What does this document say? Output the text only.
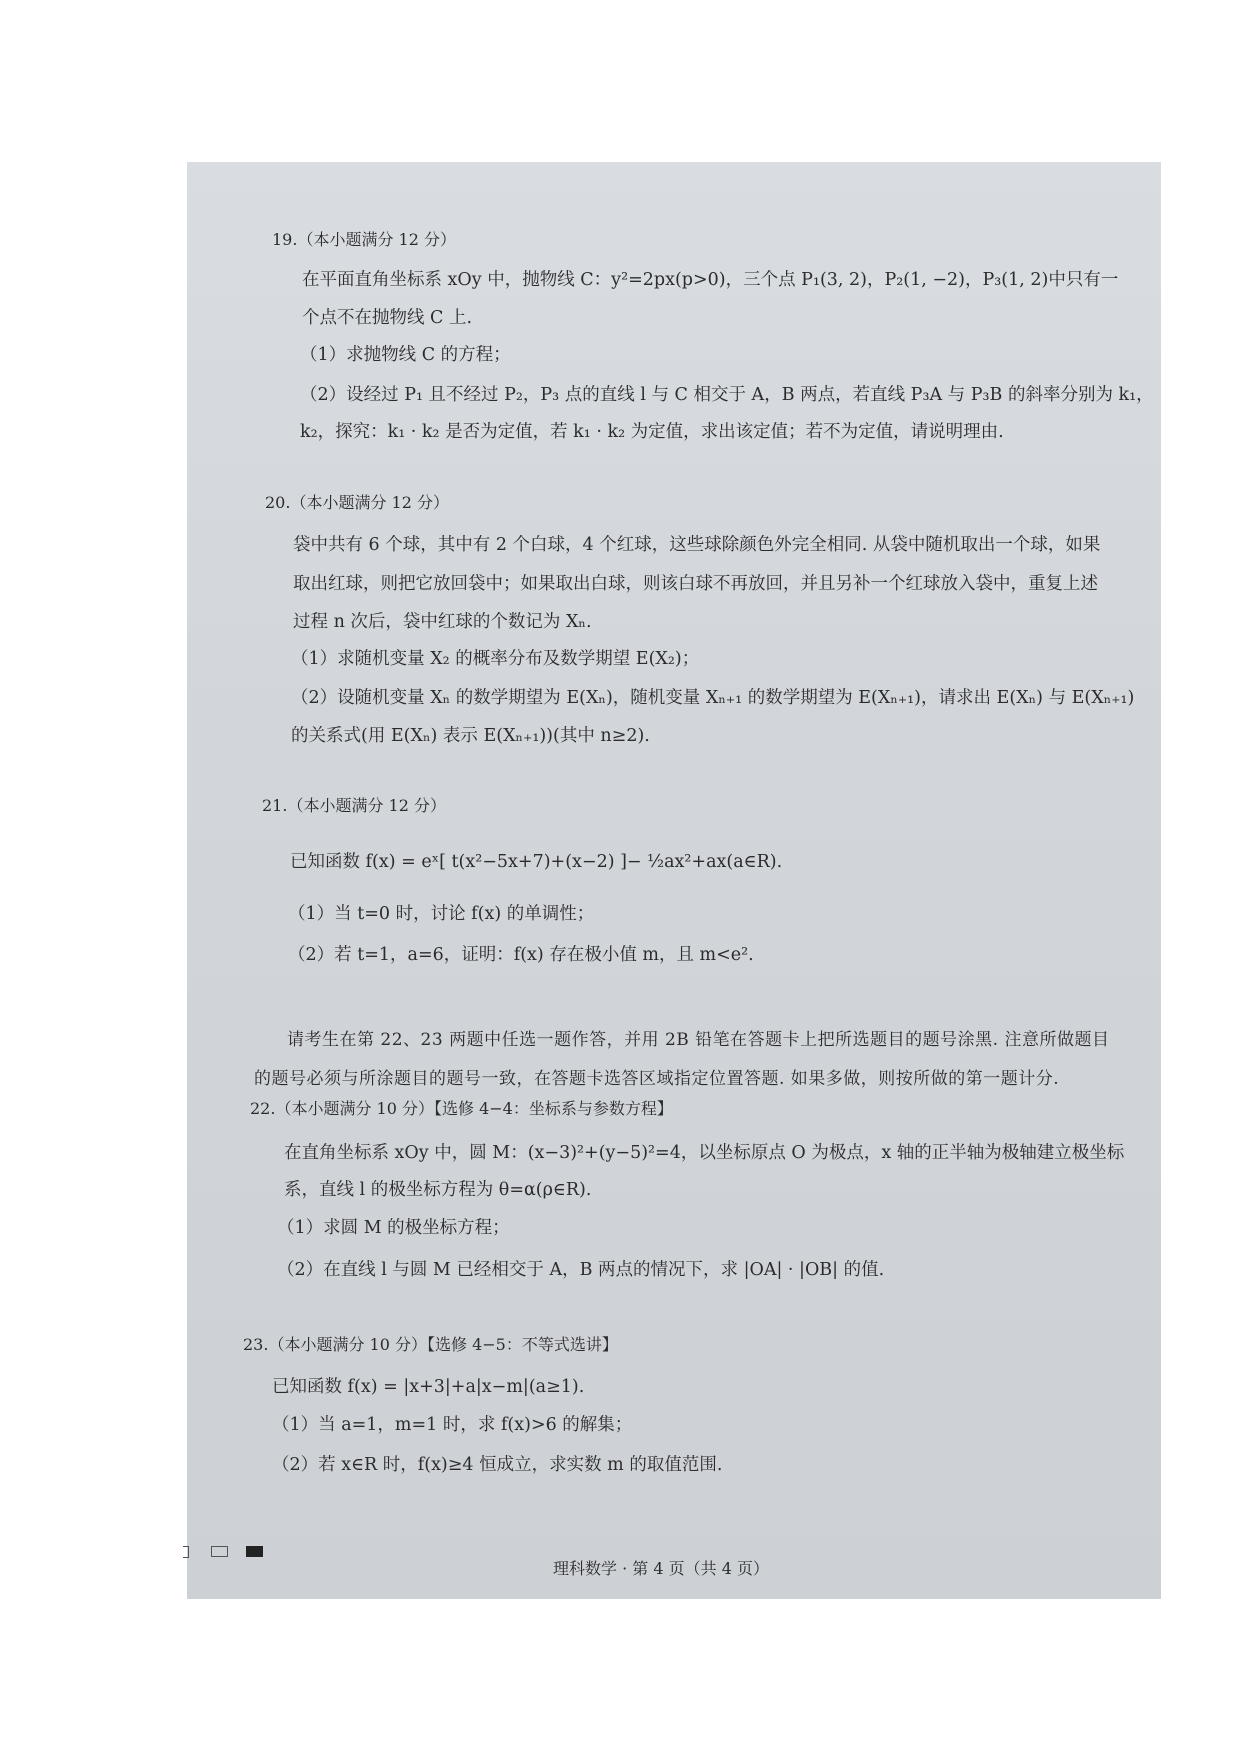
19.（本小题满分 12 分）
在平面直角坐标系 xOy 中，抛物线 C：y²=2px(p>0)，三个点 P₁(3, 2)，P₂(1, −2)，P₃(1, 2)中只有一
个点不在抛物线 C 上.
（1）求抛物线 C 的方程；
（2）设经过 P₁ 且不经过 P₂，P₃ 点的直线 l 与 C 相交于 A，B 两点，若直线 P₃A 与 P₃B 的斜率分别为 k₁，
k₂，探究：k₁ · k₂ 是否为定值，若 k₁ · k₂ 为定值，求出该定值；若不为定值，请说明理由.
20.（本小题满分 12 分）
袋中共有 6 个球，其中有 2 个白球，4 个红球，这些球除颜色外完全相同. 从袋中随机取出一个球，如果
取出红球，则把它放回袋中；如果取出白球，则该白球不再放回，并且另补一个红球放入袋中，重复上述
过程 n 次后，袋中红球的个数记为 Xₙ.
（1）求随机变量 X₂ 的概率分布及数学期望 E(X₂)；
（2）设随机变量 Xₙ 的数学期望为 E(Xₙ)，随机变量 Xₙ₊₁ 的数学期望为 E(Xₙ₊₁)，请求出 E(Xₙ) 与 E(Xₙ₊₁)
的关系式(用 E(Xₙ) 表示 E(Xₙ₊₁))(其中 n≥2).
21.（本小题满分 12 分）
已知函数 f(x) = eˣ[ t(x²−5x+7)+(x−2) ]− ½ax²+ax(a∈R).
（1）当 t=0 时，讨论 f(x) 的单调性；
（2）若 t=1，a=6，证明：f(x) 存在极小值 m，且 m<e².
请考生在第 22、23 两题中任选一题作答，并用 2B 铅笔在答题卡上把所选题目的题号涂黑. 注意所做题目
的题号必须与所涂题目的题号一致，在答题卡选答区域指定位置答题. 如果多做，则按所做的第一题计分.
22.（本小题满分 10 分）【选修 4−4：坐标系与参数方程】
在直角坐标系 xOy 中，圆 M：(x−3)²+(y−5)²=4，以坐标原点 O 为极点，x 轴的正半轴为极轴建立极坐标
系，直线 l 的极坐标方程为 θ=α(ρ∈R).
（1）求圆 M 的极坐标方程；
（2）在直线 l 与圆 M 已经相交于 A，B 两点的情况下，求 |OA| · |OB| 的值.
23.（本小题满分 10 分）【选修 4−5：不等式选讲】
已知函数 f(x) = |x+3|+a|x−m|(a≥1).
（1）当 a=1，m=1 时，求 f(x)>6 的解集；
（2）若 x∈R 时，f(x)≥4 恒成立，求实数 m 的取值范围.
理科数学 · 第 4 页（共 4 页）
